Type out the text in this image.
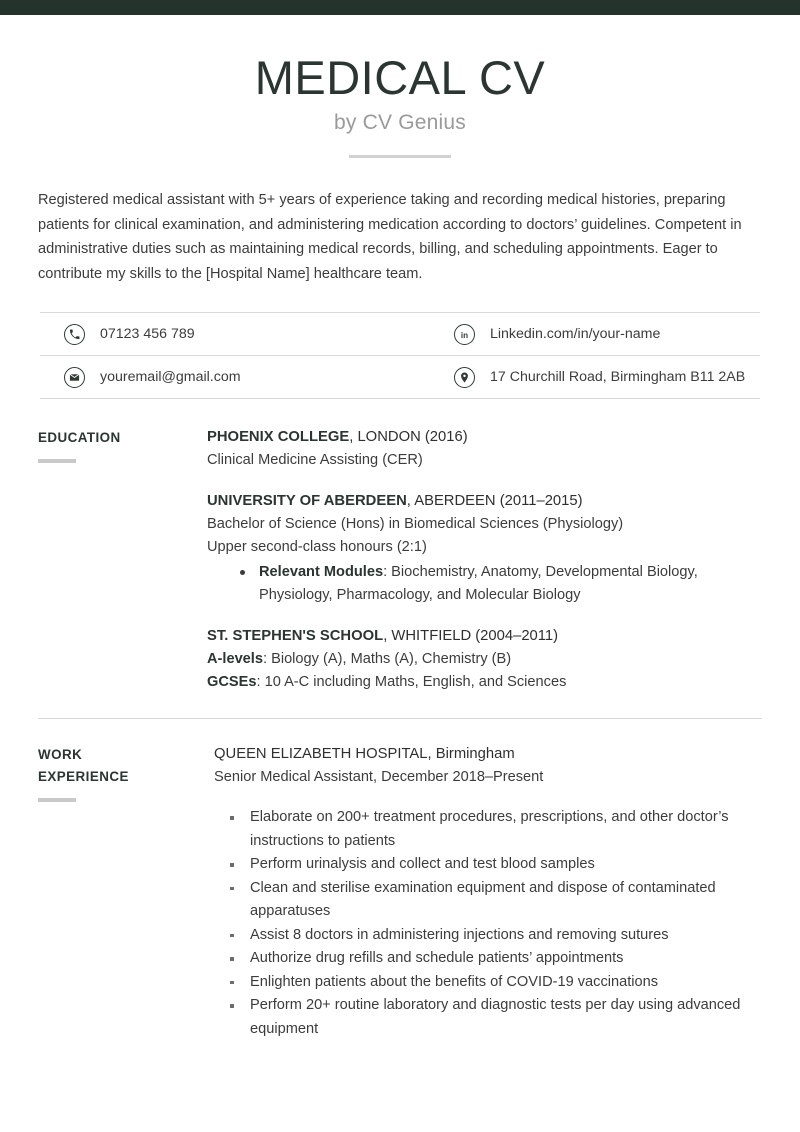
MEDICAL CV
by CV Genius
Registered medical assistant with 5+ years of experience taking and recording medical histories, preparing patients for clinical examination, and administering medication according to doctors’ guidelines. Competent in administrative duties such as maintaining medical records, billing, and scheduling appointments. Eager to contribute my skills to the [Hospital Name] healthcare team.
07123 456 789	in Linkedin.com/in/your-name
youremail@gmail.com	17 Churchill Road, Birmingham B11 2AB
EDUCATION	PHOENIX COLLEGE, LONDON (2016)
Clinical Medicine Assisting (CER)
UNIVERSITY OF ABERDEEN, ABERDEEN (2011–2015)
Bachelor of Science (Hons) in Biomedical Sciences (Physiology)
Upper second-class honours (2:1)
Relevant Modules: Biochemistry, Anatomy, Developmental Biology, Physiology, Pharmacology, and Molecular Biology
ST. STEPHEN'S SCHOOL, WHITFIELD (2004–2011)
A-levels: Biology (A), Maths (A), Chemistry (B)
GCSEs: 10 A-C including Maths, English, and Sciences
WORK
EXPERIENCE
QUEEN ELIZABETH HOSPITAL, Birmingham
Senior Medical Assistant, December 2018–Present
Elaborate on 200+ treatment procedures, prescriptions, and other doctor’s instructions to patients
Perform urinalysis and collect and test blood samples
Clean and sterilise examination equipment and dispose of contaminated apparatuses
Assist 8 doctors in administering injections and removing sutures
Authorize drug refills and schedule patients’ appointments
Enlighten patients about the benefits of COVID-19 vaccinations
Perform 20+ routine laboratory and diagnostic tests per day using advanced equipment
